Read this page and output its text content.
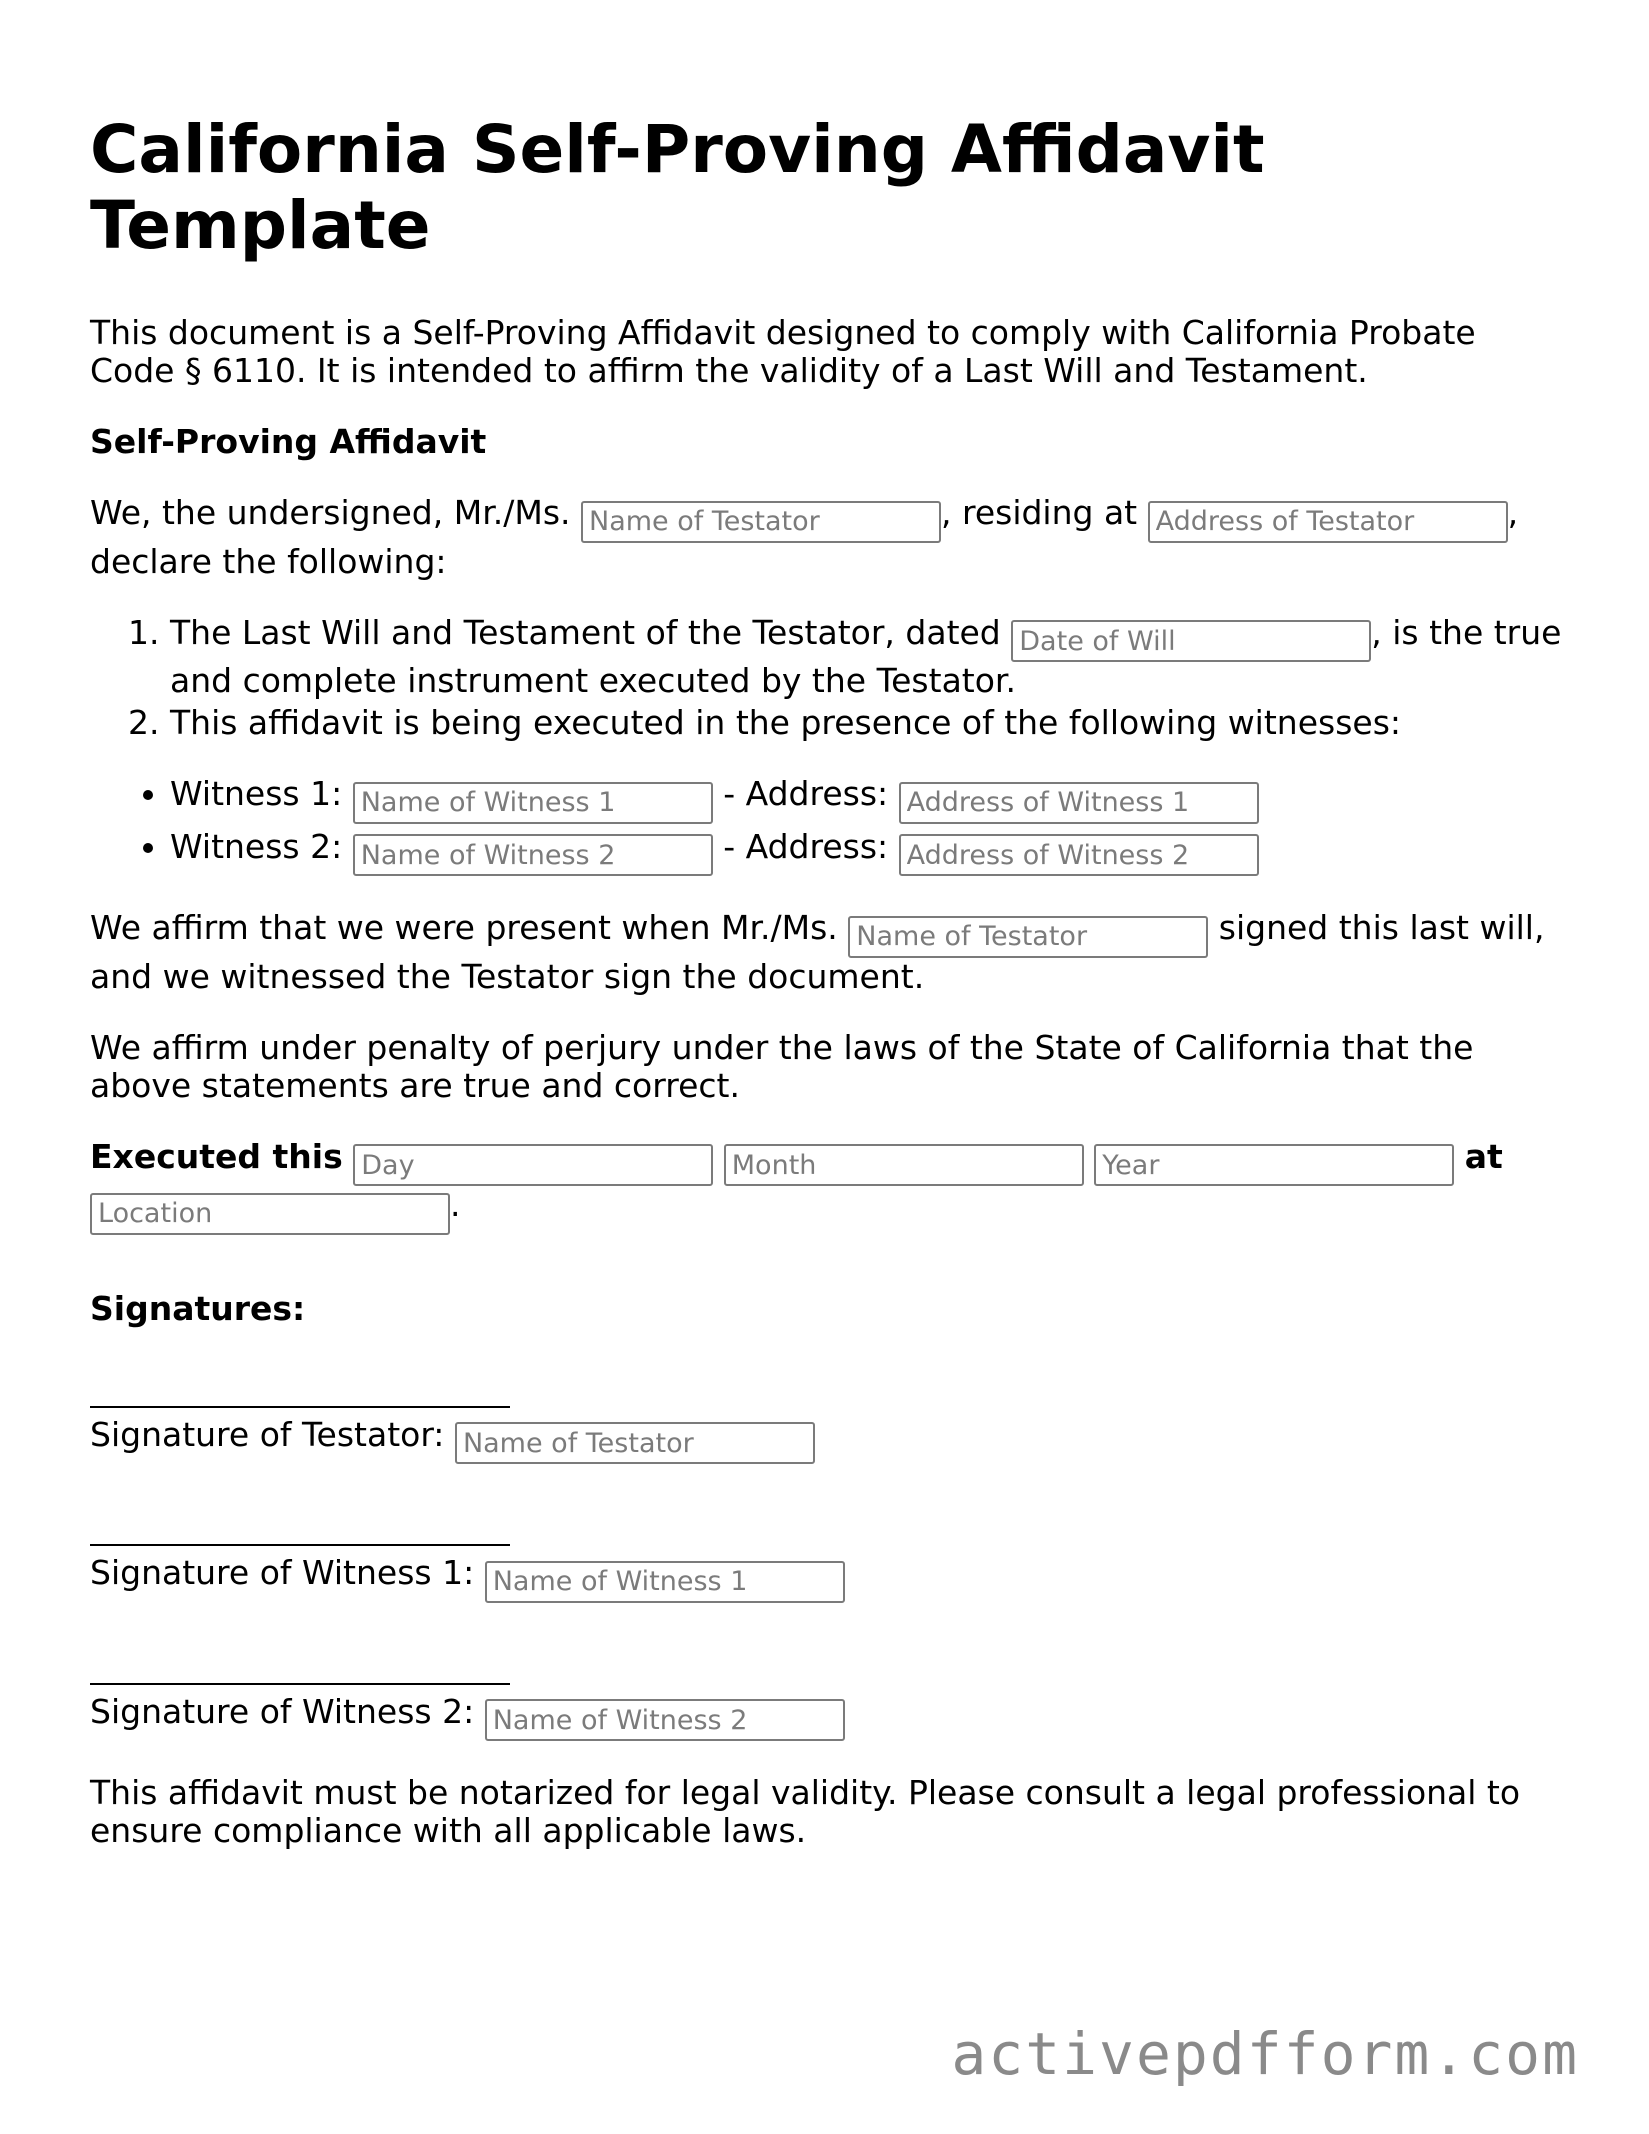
California Self-Proving Affidavit Template

This document is a Self-Proving Affidavit designed to comply with California Probate Code § 6110. It is intended to affirm the validity of a Last Will and Testament.

Self-Proving Affidavit

We, the undersigned, Mr./Ms. Name of Testator	, residing at Address of Testator	, declare the following:

1. The Last Will and Testament of the Testator, dated Date of Will	, is the true and complete instrument executed by the Testator.
2. This affidavit is being executed in the presence of the following witnesses:
• Witness 1: Name of Witness 1	- Address: Address of Witness 1
• Witness 2: Name of Witness 2	- Address: Address of Witness 2

We affirm that we were present when Mr./Ms. Name of Testator	signed this last will, and we witnessed the Testator sign the document.

We affirm under penalty of perjury under the laws of the State of California that the above statements are true and correct.

Executed this Day Month Year	at Location.

Signatures:
Signature of Testator: Name of Testator
Signature of Witness 1: Name of Witness 1
Signature of Witness 2: Name of Witness 2

This affidavit must be notarized for legal validity. Please consult a legal professional to ensure compliance with all applicable laws.

activepdfform.com
